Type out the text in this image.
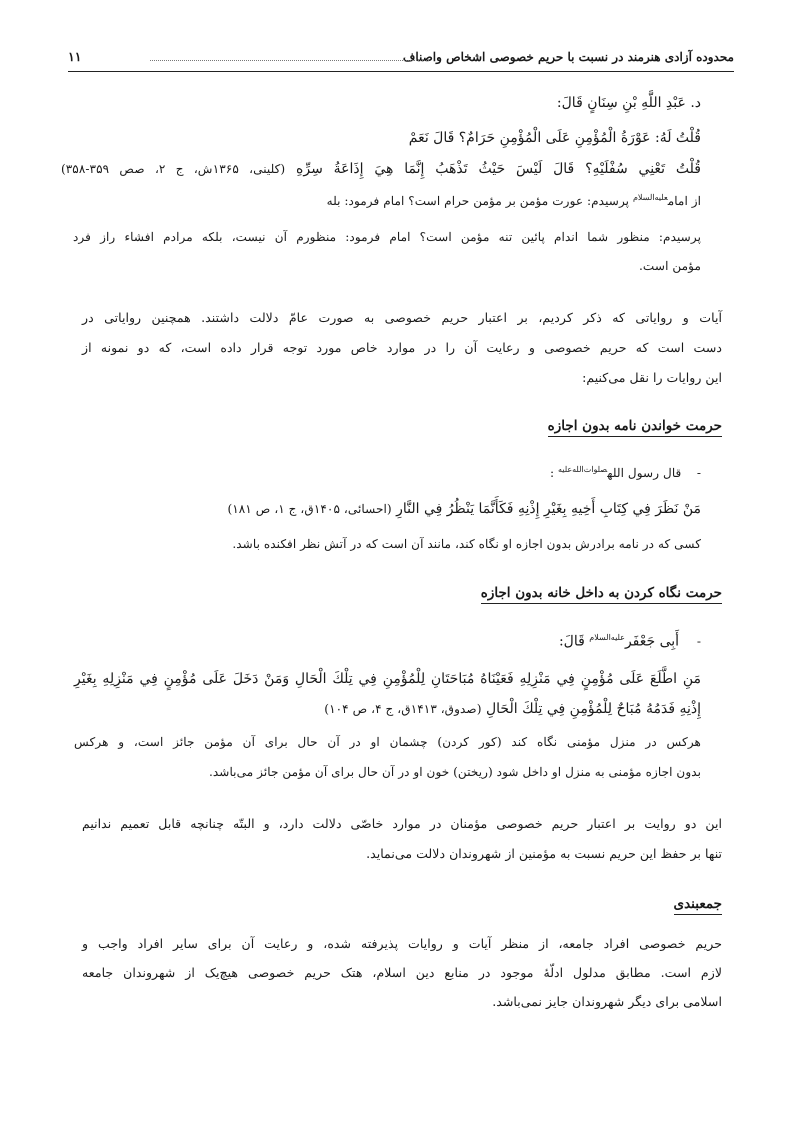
محدوده آزادی هنرمند در نسبت با حریم خصوصی اشخاص واصناف
۱۱
د. عَبْدِ اللَّهِ بْنِ سِنَانٍ قَالَ:
قُلْتُ لَهُ: عَوْرَةُ الْمُؤْمِنِ عَلَى الْمُؤْمِنِ حَرَامٌ؟ قَالَ نَعَمْ
قُلْتُ تَعْنِي سُفْلَيْهِ؟ قَالَ لَيْسَ حَيْثُ تَذْهَبُ إِنَّمَا هِيَ إِذَاعَةُ سِرِّهِ (کلینی، ۱۳۶۵ش، ج ۲، صص ۳۵۹-۳۵۸)
از امام$^{علیه‌السلام}$ پرسیدم: عورت مؤمن بر مؤمن حرام است؟ امام فرمود: بله
پرسیدم: منظور شما اندام پائین تنه مؤمن است؟ امام فرمود: منظورم آن نیست، بلکه مرادم افشاء راز فرد
مؤمن است.
آیات و روایاتی که ذکر کردیم، بر اعتبار حریم خصوصی به صورت عامّ دلالت داشتند. همچنین روایاتی در
دست است که حریم خصوصی و رعایت آن را در موارد خاص مورد توجه قرار داده است، که دو نمونه از
این روایات را نقل می‌کنیم:
حرمت خواندن نامه بدون اجازه
-    قال رسول الله$^{صلوات‌الله‌علیه}$ :
مَنْ نَظَرَ فِي كِتَابِ أَخِيهِ بِغَيْرِ إِذْنِهِ فَكَأَنَّمَا يَنْظُرُ فِي النَّارِ (احسائی، ۱۴۰۵ق، ج ۱، ص ۱۸۱)
کسی که در نامه برادرش بدون اجازه او نگاه کند، مانند آن است که در آتش نظر افکنده باشد.
حرمت نگاه کردن به داخل خانه بدون اجازه
-    أَبِی جَعْفَر$^{علیه‌السلام}$ قَالَ:
مَنِ اطَّلَعَ عَلَى مُؤْمِنٍ فِي مَنْزِلِهِ فَعَيْنَاهُ مُبَاحَتَانِ لِلْمُؤْمِنِ فِي تِلْكَ الْحَالِ وَمَنْ دَخَلَ عَلَى مُؤْمِنٍ فِي مَنْزِلِهِ بِغَيْرِ
إِذْنِهِ فَدَمُهُ مُبَاحٌ لِلْمُؤْمِنِ فِي تِلْكَ الْحَالِ (صدوق، ۱۴۱۳ق، ج ۴، ص ۱۰۴)
هرکس در منزل مؤمنی نگاه کند (کور کردن) چشمان او در آن حال برای آن مؤمن جائز است، و هرکس
بدون اجازه مؤمنی به منزل او داخل شود (ریختن) خون او در آن حال برای آن مؤمن جائز می‌باشد.
این دو روایت بر اعتبار حریم خصوصی مؤمنان در موارد خاصّی دلالت دارد، و البتّه چنانچه قابل تعمیم ندانیم
تنها بر حفظ این حریم نسبت به مؤمنین از شهروندان دلالت می‌نماید.
جمعبندی
حریم خصوصی افراد جامعه، از منظر آیات و روایات پذیرفته شده، و رعایت آن برای سایر افراد واجب و
لازم است. مطابق مدلول ادلّۀ موجود در منابع دین اسلام، هتک حریم خصوصی هیچ‌یک از شهروندان جامعه
اسلامی برای دیگر شهروندان جایز نمی‌باشد.
